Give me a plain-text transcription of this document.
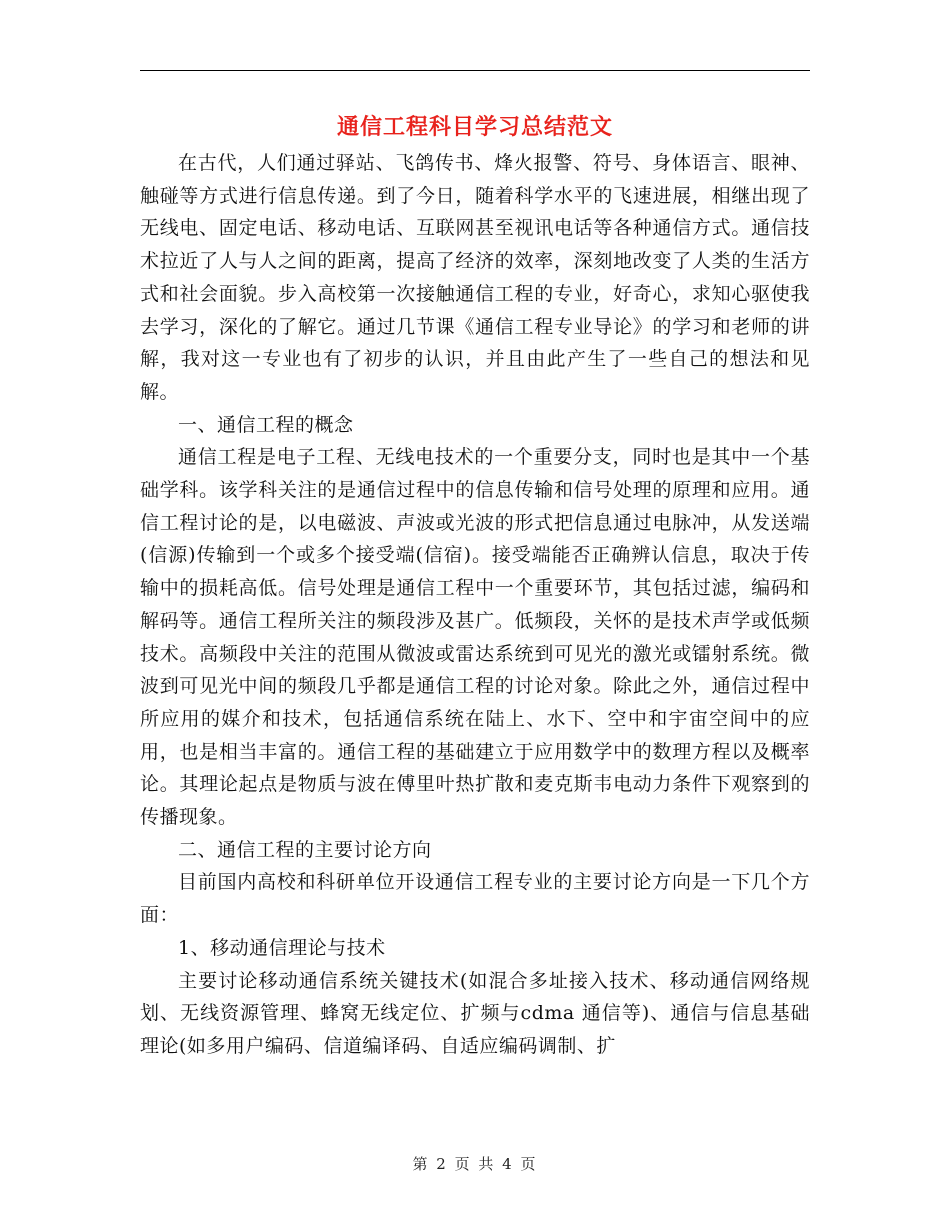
通信工程科目学习总结范文

在古代，人们通过驿站、飞鸽传书、烽火报警、符号、身体语言、眼神、触碰等方式进行信息传递。到了今日，随着科学水平的飞速进展，相继出现了无线电、固定电话、移动电话、互联网甚至视讯电话等各种通信方式。通信技术拉近了人与人之间的距离，提高了经济的效率，深刻地改变了人类的生活方式和社会面貌。步入高校第一次接触通信工程的专业，好奇心，求知心驱使我去学习，深化的了解它。通过几节课《通信工程专业导论》的学习和老师的讲解，我对这一专业也有了初步的认识，并且由此产生了一些自己的想法和见解。

一、通信工程的概念

通信工程是电子工程、无线电技术的一个重要分支，同时也是其中一个基础学科。该学科关注的是通信过程中的信息传输和信号处理的原理和应用。通信工程讨论的是，以电磁波、声波或光波的形式把信息通过电脉冲，从发送端(信源)传输到一个或多个接受端(信宿)。接受端能否正确辨认信息，取决于传输中的损耗高低。信号处理是通信工程中一个重要环节，其包括过滤，编码和解码等。通信工程所关注的频段涉及甚广。低频段，关怀的是技术声学或低频技术。高频段中关注的范围从微波或雷达系统到可见光的激光或镭射系统。微波到可见光中间的频段几乎都是通信工程的讨论对象。除此之外，通信过程中所应用的媒介和技术，包括通信系统在陆上、水下、空中和宇宙空间中的应用，也是相当丰富的。通信工程的基础建立于应用数学中的数理方程以及概率论。其理论起点是物质与波在傅里叶热扩散和麦克斯韦电动力条件下观察到的传播现象。

二、通信工程的主要讨论方向

目前国内高校和科研单位开设通信工程专业的主要讨论方向是一下几个方面：

1、移动通信理论与技术

主要讨论移动通信系统关键技术(如混合多址接入技术、移动通信网络规划、无线资源管理、蜂窝无线定位、扩频与cdma 通信等)、通信与信息基础理论(如多用户编码、信道编译码、自适应编码调制、扩

第 2 页 共 4 页
